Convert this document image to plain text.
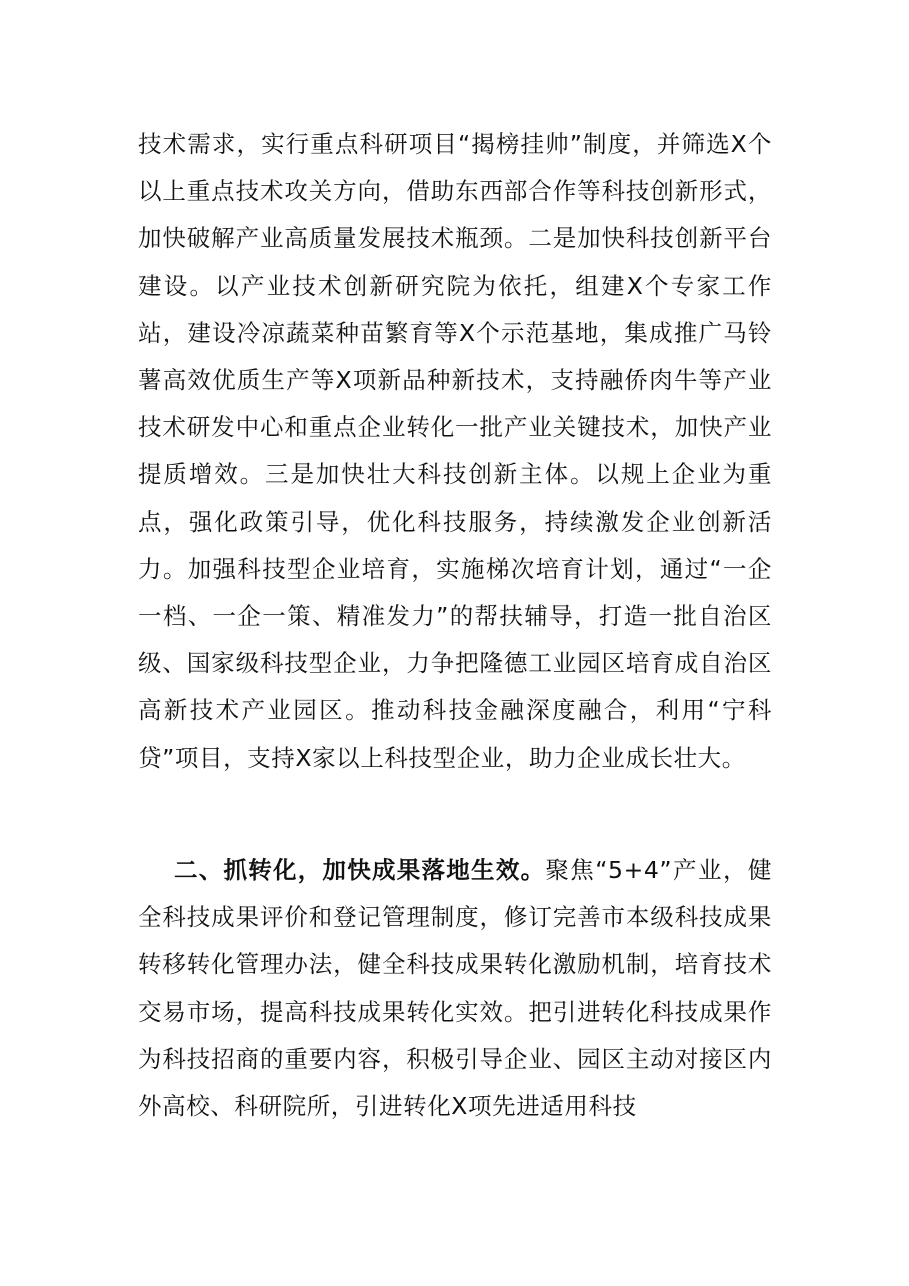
技术需求，实行重点科研项目“揭榜挂帅”制度，并筛选X个以上重点技术攻关方向，借助东西部合作等科技创新形式，加快破解产业高质量发展技术瓶颈。二是加快科技创新平台建设。以产业技术创新研究院为依托，组建X个专家工作站，建设冷凉蔬菜种苗繁育等X个示范基地，集成推广马铃薯高效优质生产等X项新品种新技术，支持融侨肉牛等产业技术研发中心和重点企业转化一批产业关键技术，加快产业提质增效。三是加快壮大科技创新主体。以规上企业为重点，强化政策引导，优化科技服务，持续激发企业创新活力。加强科技型企业培育，实施梯次培育计划，通过“一企一档、一企一策、精准发力”的帮扶辅导，打造一批自治区级、国家级科技型企业，力争把隆德工业园区培育成自治区高新技术产业园区。推动科技金融深度融合，利用“宁科贷”项目，支持X家以上科技型企业，助力企业成长壮大。

二、抓转化，加快成果落地生效。聚焦“5+4”产业，健全科技成果评价和登记管理制度，修订完善市本级科技成果转移转化管理办法，健全科技成果转化激励机制，培育技术交易市场，提高科技成果转化实效。把引进转化科技成果作为科技招商的重要内容，积极引导企业、园区主动对接区内外高校、科研院所，引进转化X项先进适用科技
